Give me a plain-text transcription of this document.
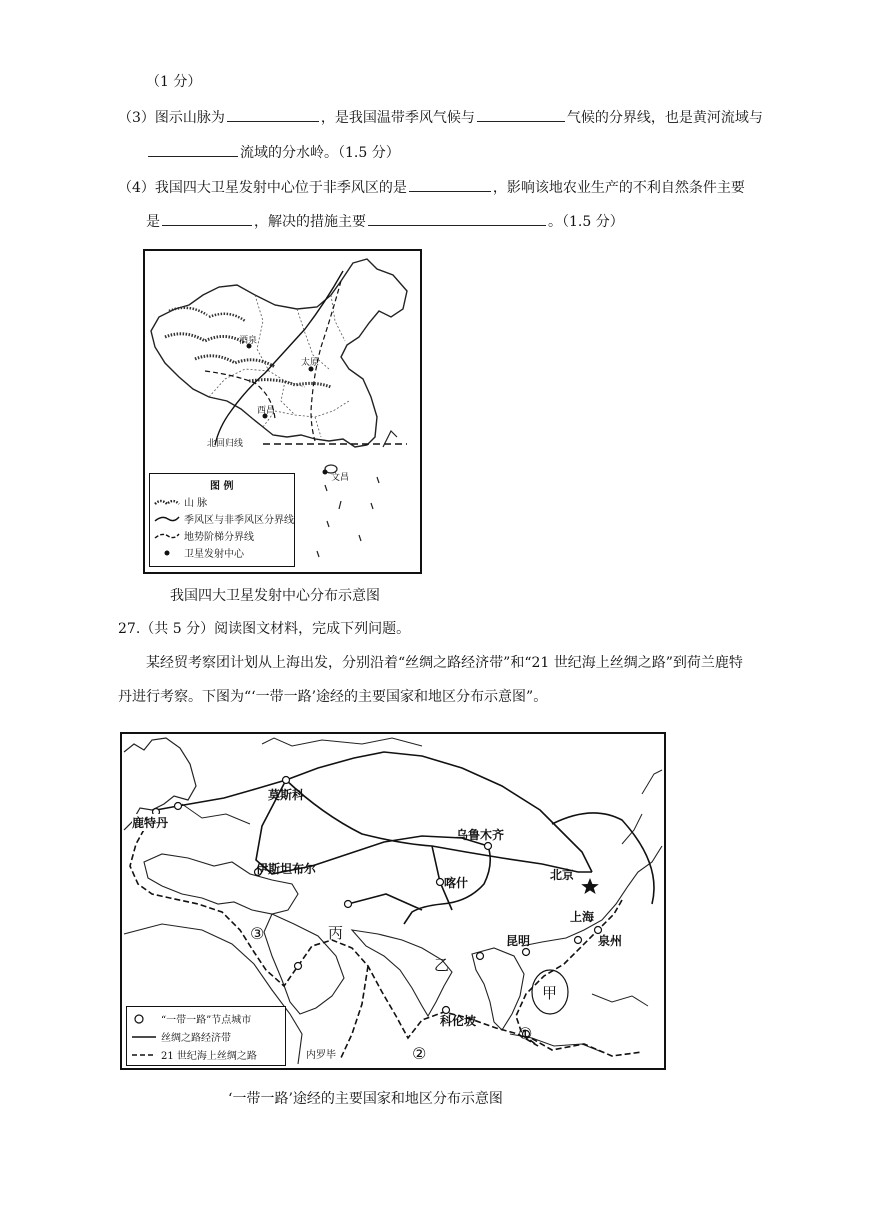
（1 分）
（3）图示山脉为	，是我国温带季风气候与	气候的分界线，也是黄河流域与
流域的分水岭。（1.5 分）
（4）我国四大卫星发射中心位于非季风区的是	，影响该地农业生产的不利自然条件主要
是	，解决的措施主要	。（1.5 分）
酒泉
太原
西昌
文昌
北回归线
图 例
山 脉
季风区与非季风区分界线
地势阶梯分界线
卫星发射中心
我国四大卫星发射中心分布示意图
27.（共 5 分）阅读图文材料，完成下列问题。
某经贸考察团计划从上海出发，分别沿着“丝绸之路经济带”和“21 世纪海上丝绸之路”到荷兰鹿特
丹进行考察。下图为“‘一带一路’途经的主要国家和地区分布示意图”。
鹿特丹
莫斯科
乌鲁木齐
北京
伊斯坦布尔
喀什
上海
昆明	泉州
丙
乙
甲
科伦坡
内罗毕
①
②
③
“一带一路”节点城市
丝绸之路经济带
21 世纪海上丝绸之路
‘一带一路’途经的主要国家和地区分布示意图
